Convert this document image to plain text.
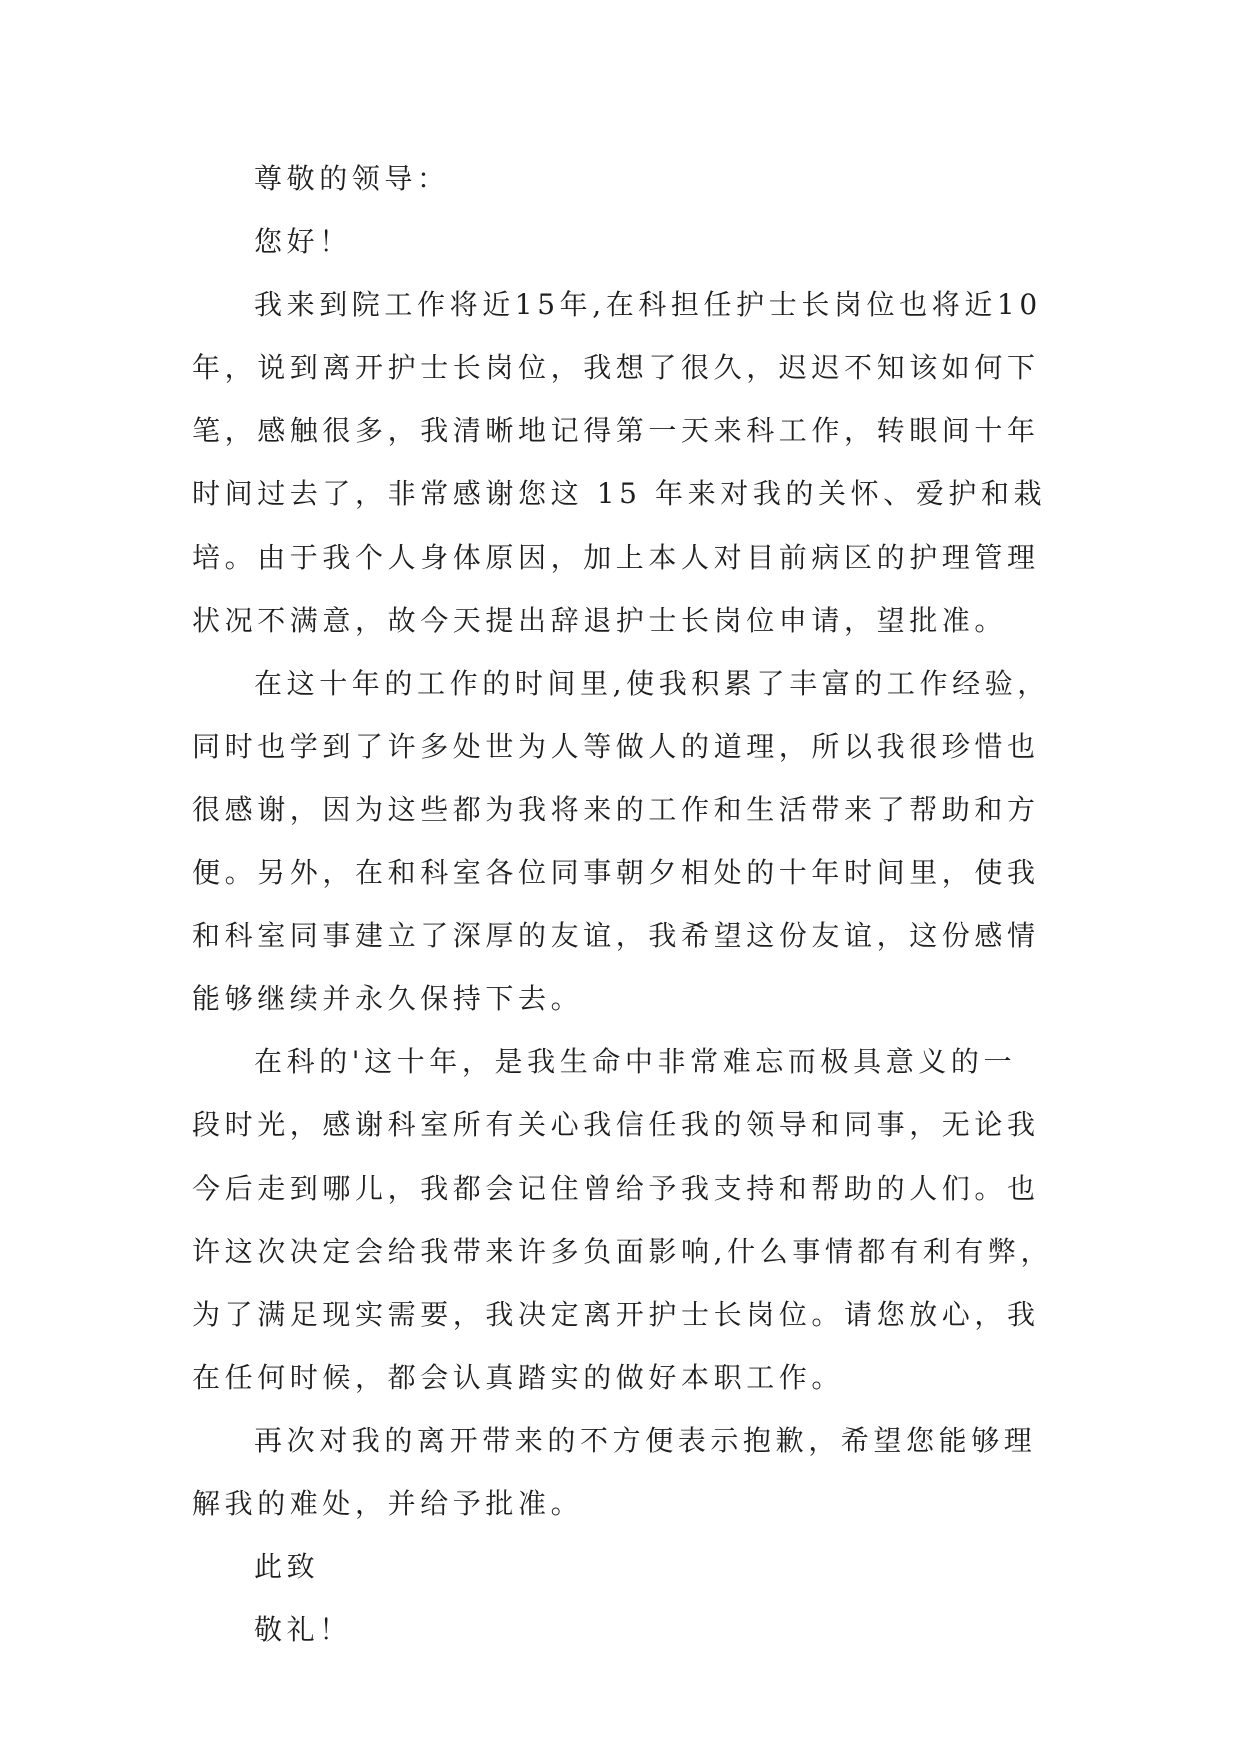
尊敬的领导：
您好！
我来到院工作将近15年,在科担任护士长岗位也将近10
年，说到离开护士长岗位，我想了很久，迟迟不知该如何下
笔，感触很多，我清晰地记得第一天来科工作，转眼间十年
时间过去了，非常感谢您这 15 年来对我的关怀、爱护和栽
培。由于我个人身体原因，加上本人对目前病区的护理管理
状况不满意，故今天提出辞退护士长岗位申请，望批准。
在这十年的工作的时间里,使我积累了丰富的工作经验，
同时也学到了许多处世为人等做人的道理，所以我很珍惜也
很感谢，因为这些都为我将来的工作和生活带来了帮助和方
便。另外，在和科室各位同事朝夕相处的十年时间里，使我
和科室同事建立了深厚的友谊，我希望这份友谊，这份感情
能够继续并永久保持下去。
在科的'这十年，是我生命中非常难忘而极具意义的一
段时光，感谢科室所有关心我信任我的领导和同事，无论我
今后走到哪儿，我都会记住曾给予我支持和帮助的人们。也
许这次决定会给我带来许多负面影响,什么事情都有利有弊，
为了满足现实需要，我决定离开护士长岗位。请您放心，我
在任何时候，都会认真踏实的做好本职工作。
再次对我的离开带来的不方便表示抱歉，希望您能够理
解我的难处，并给予批准。
此致
敬礼！
